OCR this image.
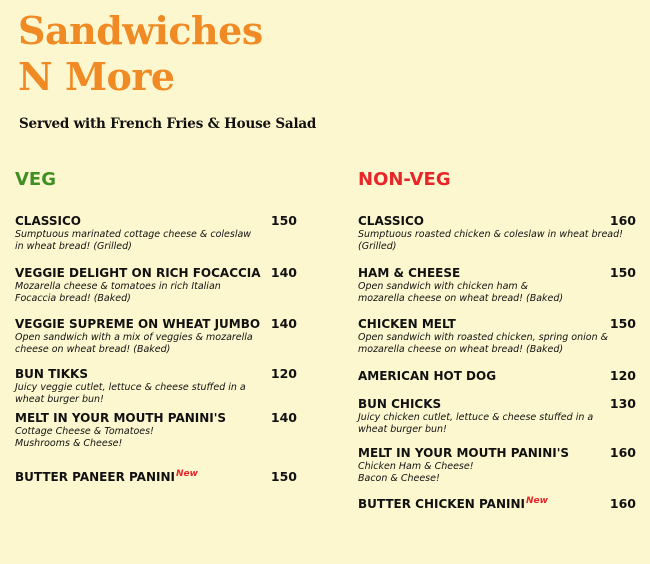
Sandwiches
N More

Served with French Fries & House Salad

VEG
CLASSICO	150

Sumptuous marinated cottage cheese & coleslaw
in wheat bread! (Grilled)

VEGGIE DELIGHT ON RICH FOCACCIA 140

Mozarella cheese & tomatoes in rich Italian
Focaccia bread! (Baked)

VEGGIE SUPREME ON WHEAT JUMBO 140

Open sandwich with a mix of veggies & mozarella
cheese on wheat bread! (Baked)

BUN TIKKS	120

Juicy veggie cutlet, lettuce & cheese stuffed in a
wheat burger bun!

MELT IN YOUR MOUTH PANINI'S	140

Cottage Cheese & Tomatoes!
Mushrooms & Cheese!

BUTTER PANEER $PANINI^{New}$	150
NON-VEG
CLASSICO	160

Sumptuous roasted chicken & coleslaw in wheat bread!
(Grilled)

HAM & CHEESE	150

Open sandwich with chicken ham &
mozarella cheese on wheat bread! (Baked)

CHICKEN MELT	150

Open sandwich with roasted chicken, spring onion &
mozarella cheese on wheat bread! (Baked)

AMERICAN HOT DOG	120
BUN CHICKS	130

Juicy chicken cutlet, lettuce & cheese stuffed in a
wheat burger bun!

MELT IN YOUR MOUTH PANINI'S	160

Chicken Ham & Cheese!
Bacon & Cheese!

BUTTER CHICKEN $PANINI^{New}$	160
